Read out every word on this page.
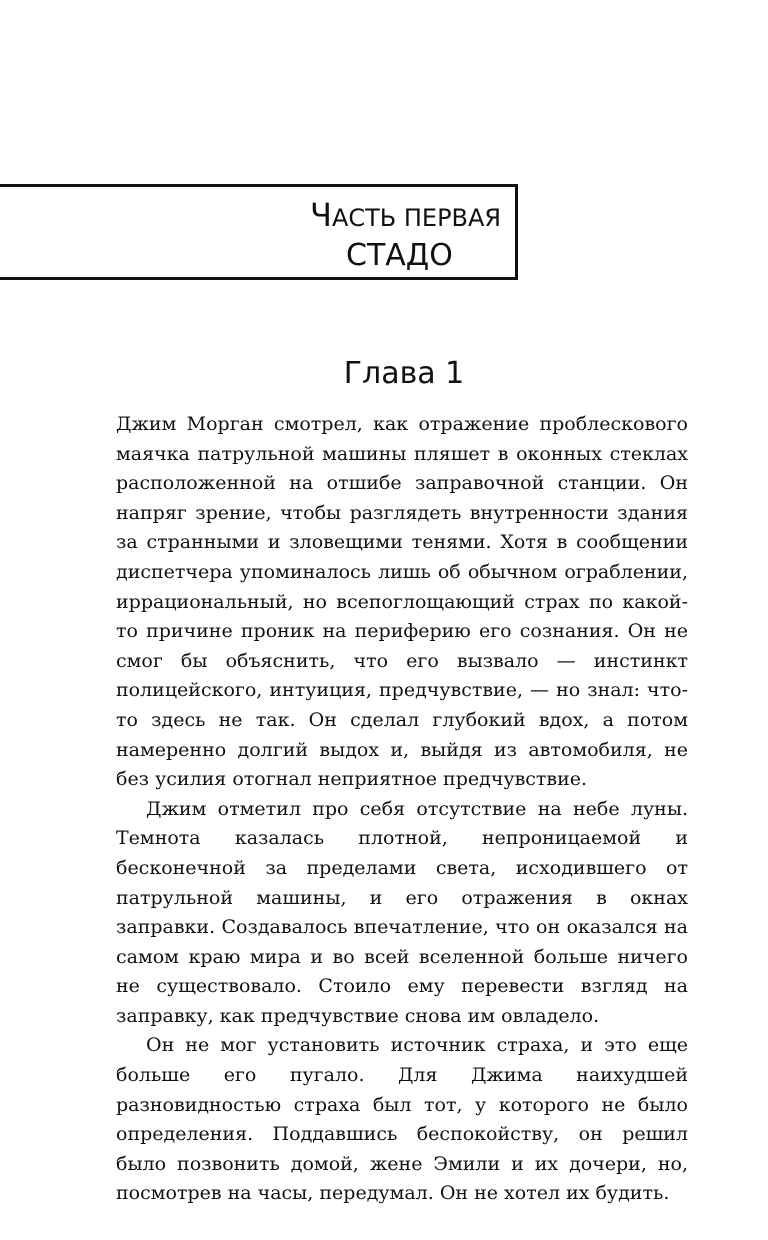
ЧАСТЬ ПЕРВАЯ
СТАДО
Глава 1

Джим Морган смотрел, как отражение проблескового маячка патрульной машины пляшет в оконных стеклах расположенной на отшибе заправочной станции. Он напряг зрение, чтобы разглядеть внутренности здания за странными и зловещими тенями. Хотя в сообщении диспетчера упоминалось лишь об обычном ограблении, иррациональный, но всепоглощающий страх по какой-то причине проник на периферию его сознания. Он не смог бы объяснить, что его вызвало — инстинкт полицейского, интуиция, предчувствие, — но знал: что-то здесь не так. Он сделал глубокий вдох, а потом намеренно долгий выдох и, выйдя из автомобиля, не без усилия отогнал неприятное предчувствие.

Джим отметил про себя отсутствие на небе луны. Темнота казалась плотной, непроницаемой и бесконечной за пределами света, исходившего от патрульной машины, и его отражения в окнах заправки. Создавалось впечатление, что он оказался на самом краю мира и во всей вселенной больше ничего не существовало. Стоило ему перевести взгляд на заправку, как предчувствие снова им овладело.

Он не мог установить источник страха, и это еще больше его пугало. Для Джима наихудшей разновидностью страха был тот, у которого не было определения. Поддавшись беспокойству, он решил было позвонить домой, жене Эмили и их дочери, но, посмотрев на часы, передумал. Он не хотел их будить.
